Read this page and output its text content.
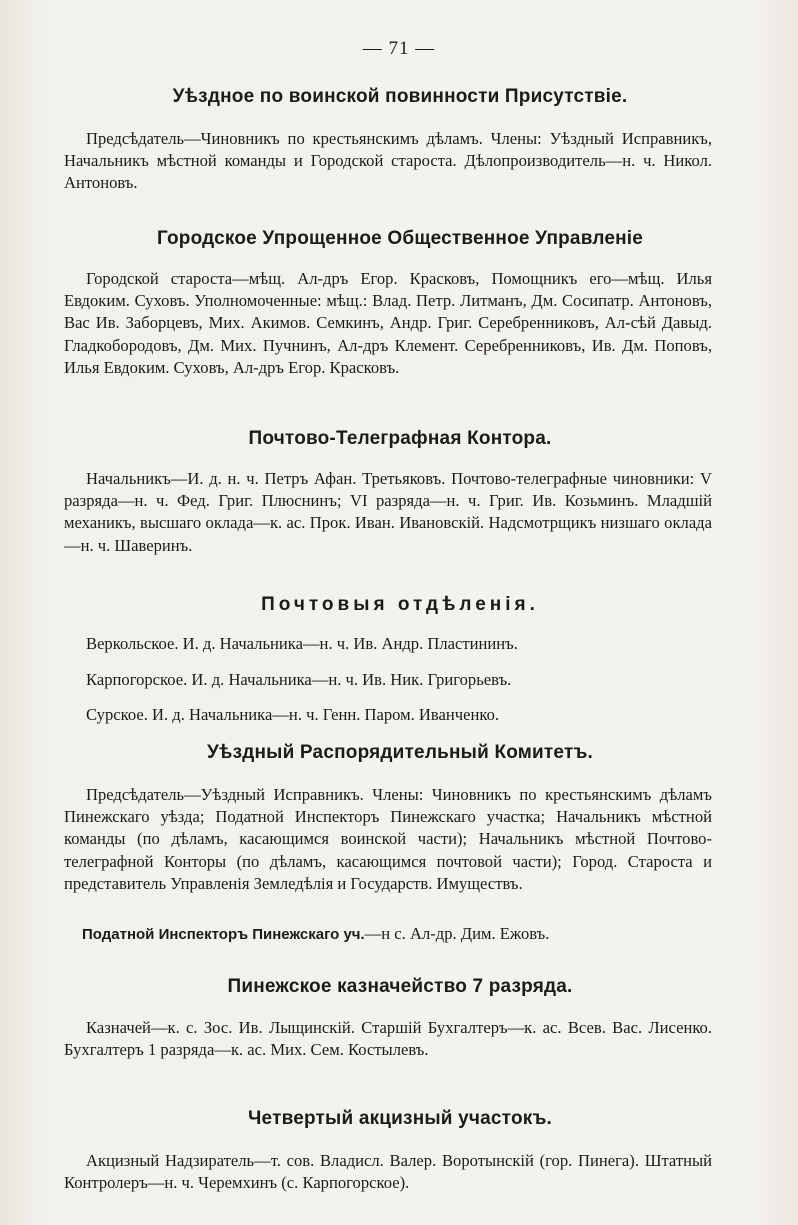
— 71 —
Уѣздное по воинской повинности Присутствіе.
Предсѣдатель—Чиновникъ по крестьянскимъ дѣламъ. Члены: Уѣздный Исправникъ, Начальникъ мѣстной команды и Городской староста. Дѣлопроизводитель—н. ч. Никол. Антоновъ.
Городское Упрощенное Общественное Управленіе
Городской староста—мѣщ. Ал-дръ Егор. Красковъ, Помощникъ его—мѣщ. Илья Евдоким. Суховъ. Уполномоченные: мѣщ.: Влад. Петр. Литманъ, Дм. Сосипатр. Антоновъ, Вас Ив. Заборцевъ, Мих. Акимов. Семкинъ, Андр. Григ. Серебренниковъ, Ал-сѣй Давыд. Гладкобородовъ, Дм. Мих. Пучнинъ, Ал-дръ Клемент. Серебренниковъ, Ив. Дм. Поповъ, Илья Евдоким. Суховъ, Ал-дръ Егор. Красковъ.
Почтово-Телеграфная Контора.
Начальникъ—И. д. н. ч. Петръ Афан. Третьяковъ. Почтово-телеграфные чиновники: V разряда—н. ч. Фед. Григ. Плюснинъ; VI разряда—н. ч. Григ. Ив. Козьминъ. Младшій механикъ, высшаго оклада—к. ас. Прок. Иван. Ивановскій. Надсмотрщикъ низшаго оклада—н. ч. Шаверинъ.
Почтовыя отдѣленія.
Веркольское. И. д. Начальника—н. ч. Ив. Андр. Пластининъ.
Карпогорское. И. д. Начальника—н. ч. Ив. Ник. Григорьевъ.
Сурское. И. д. Начальника—н. ч. Генн. Паром. Иванченко.
Уѣздный Распорядительный Комитетъ.
Предсѣдатель—Уѣздный Исправникъ. Члены: Чиновникъ по крестьянскимъ дѣламъ Пинежскаго уѣзда; Податной Инспекторъ Пинежскаго участка; Начальникъ мѣстной команды (по дѣламъ, касающимся воинской части); Начальникъ мѣстной Почтово-телеграфной Конторы (по дѣламъ, касающимся почтовой части); Город. Староста и представитель Управленія Земледѣлія и Государств. Имуществъ.
Податной Инспекторъ Пинежскаго уч.—н с. Ал-др. Дим. Ежовъ.
Пинежское казначейство 7 разряда.
Казначей—к. с. Зос. Ив. Лыщинскій. Старшій Бухгалтеръ—к. ас. Всев. Вас. Лисенко. Бухгалтеръ 1 разряда—к. ас. Мих. Сем. Костылевъ.
Четвертый акцизный участокъ.
Акцизный Надзиратель—т. сов. Владисл. Валер. Воротынскій (гор. Пинега). Штатный Контролеръ—н. ч. Черемхинъ (с. Карпогорское).
